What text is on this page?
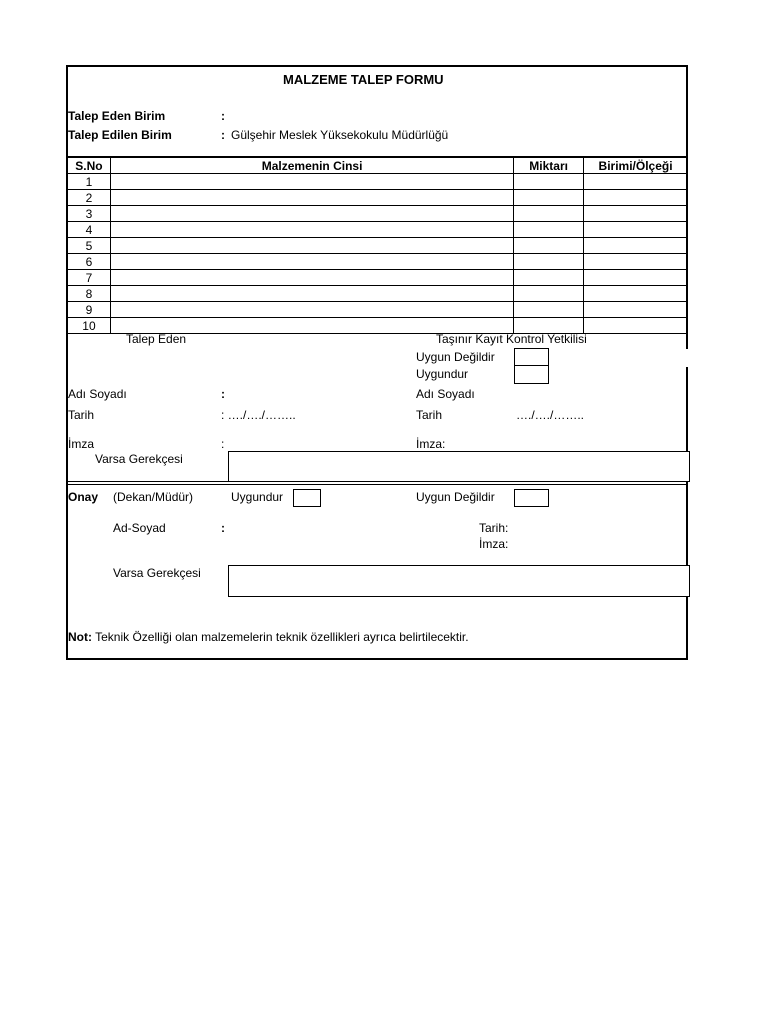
MALZEME TALEP FORMU
Talep Eden Birim	:
Talep Edilen Birim	: Gülşehir Meslek Yüksekokulu Müdürlüğü
S.No	Malzemenin Cinsi	Miktarı	Birimi/Ölçeği
1			
2			
3			
4			
5			
6			
7			
8			
9			
10			
Talep Eden	Taşınır Kayıt Kontrol Yetkilisi
Uygun Değildir
Uygundur
Adı Soyadı	:	Adı Soyadı
Tarih	: …./…./……..	Tarih	…./…./……..
İmza	:	İmza:
Varsa Gerekçesi
Onay (Dekan/Müdür)	Uygundur	Uygun Değildir
Ad-Soyad	:	Tarih:
İmza:
Varsa Gerekçesi
Not: Teknik Özelliği olan malzemelerin teknik özellikleri ayrıca belirtilecektir.
